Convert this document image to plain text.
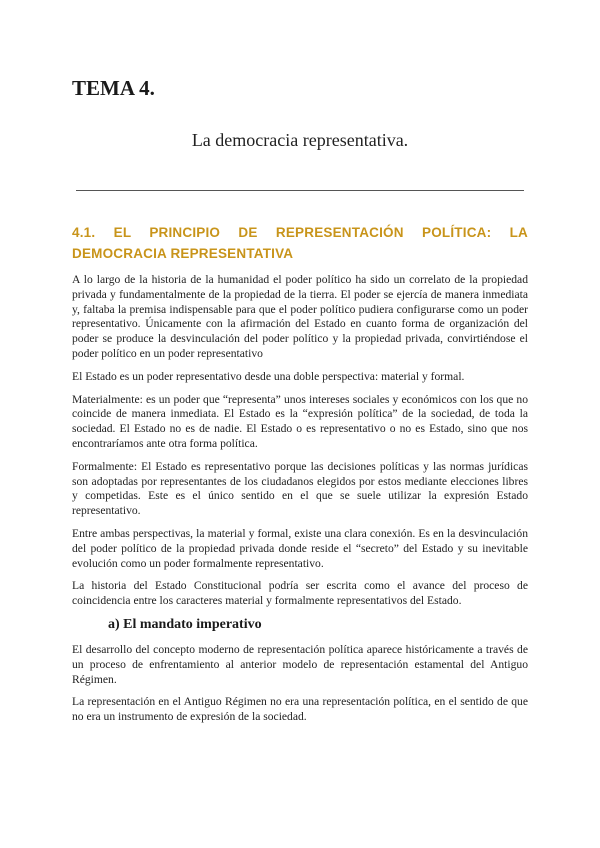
TEMA 4.
La democracia representativa.
4.1. EL PRINCIPIO DE REPRESENTACIÓN POLÍTICA: LA
DEMOCRACIA REPRESENTATIVA

A lo largo de la historia de la humanidad el poder político ha sido un correlato de la propiedad privada y fundamentalmente de la propiedad de la tierra. El poder se ejercía de manera inmediata y, faltaba la premisa indispensable para que el poder político pudiera configurarse como un poder representativo. Únicamente con la afirmación del Estado en cuanto forma de organización del poder se produce la desvinculación del poder político y la propiedad privada, convirtiéndose el poder político en un poder representativo

El Estado es un poder representativo desde una doble perspectiva: material y formal.

Materialmente: es un poder que “representa” unos intereses sociales y económicos con los que no coincide de manera inmediata. El Estado es la “expresión política” de la sociedad, de toda la sociedad. El Estado no es de nadie. El Estado o es representativo o no es Estado, sino que nos encontraríamos ante otra forma política.

Formalmente: El Estado es representativo porque las decisiones políticas y las normas jurídicas son adoptadas por representantes de los ciudadanos elegidos por estos mediante elecciones libres y competidas. Este es el único sentido en el que se suele utilizar la expresión Estado representativo.

Entre ambas perspectivas, la material y formal, existe una clara conexión. Es en la desvinculación del poder político de la propiedad privada donde reside el “secreto” del Estado y su inevitable evolución como un poder formalmente representativo.

La historia del Estado Constitucional podría ser escrita como el avance del proceso de coincidencia entre los caracteres material y formalmente representativos del Estado.

a) El mandato imperativo

El desarrollo del concepto moderno de representación política aparece históricamente a través de un proceso de enfrentamiento al anterior modelo de representación estamental del Antiguo Régimen.

La representación en el Antiguo Régimen no era una representación política, en el sentido de que no era un instrumento de expresión de la sociedad.
